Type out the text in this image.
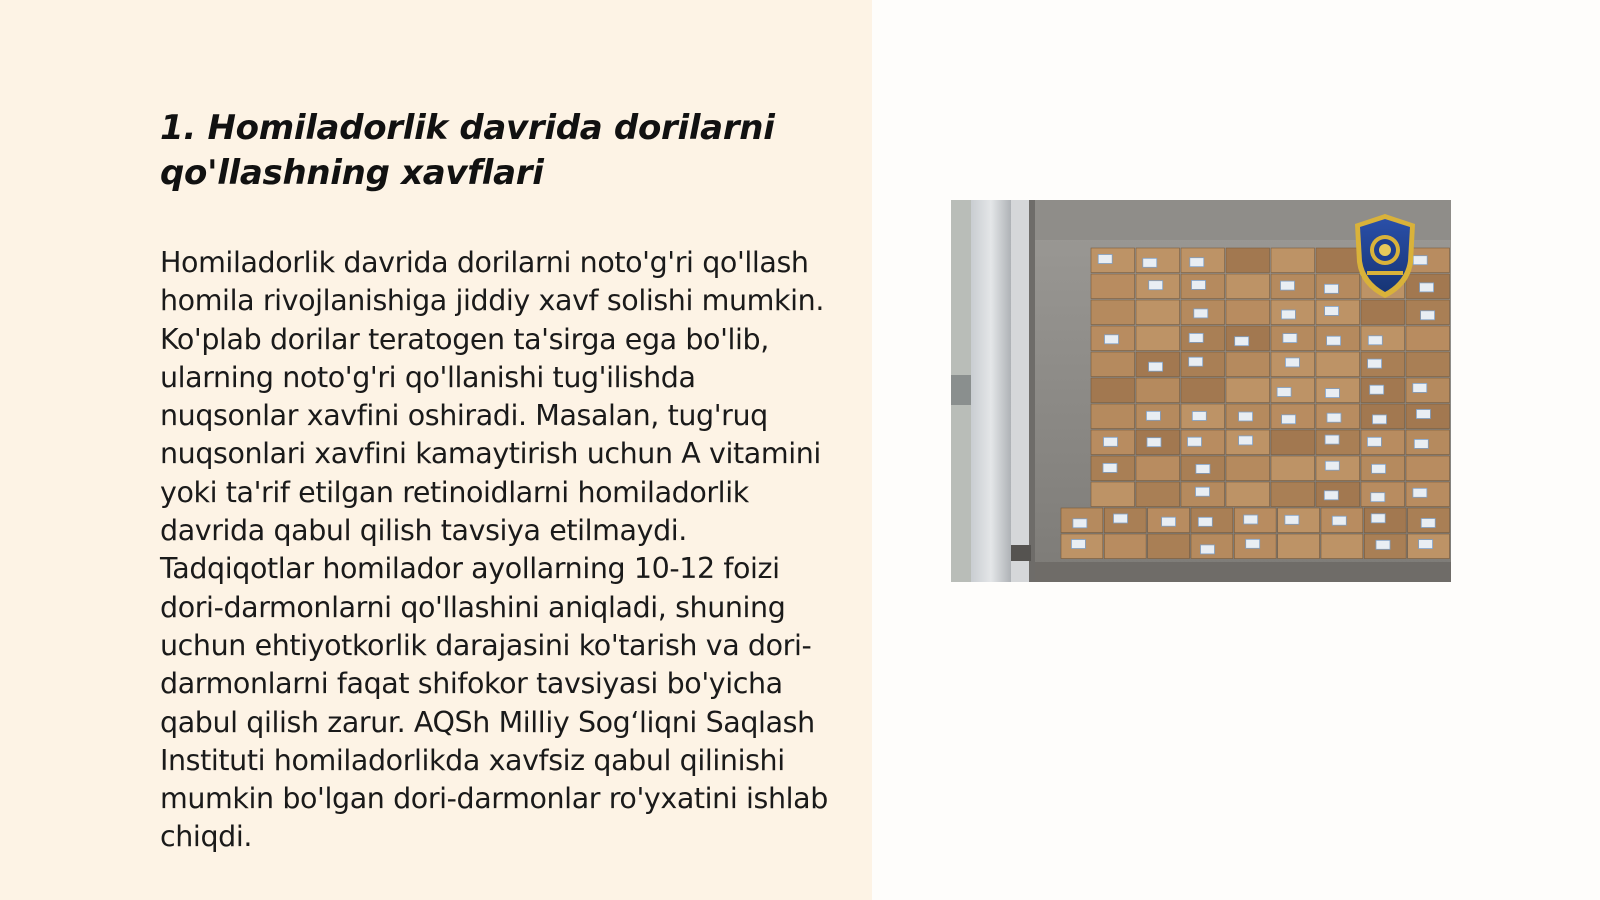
1. Homiladorlik davrida dorilarni qo'llashning xavflari

Homiladorlik davrida dorilarni noto'g'ri qo'llash homila rivojlanishiga jiddiy xavf solishi mumkin. Ko'plab dorilar teratogen ta'sirga ega bo'lib, ularning noto'g'ri qo'llanishi tug'ilishda nuqsonlar xavfini oshiradi. Masalan, tug'ruq nuqsonlari xavfini kamaytirish uchun A vitamini yoki ta'rif etilgan retinoidlarni homiladorlik davrida qabul qilish tavsiya etilmaydi. Tadqiqotlar homilador ayollarning 10-12 foizi dori-darmonlarni qo'llashini aniqladi, shuning uchun ehtiyotkorlik darajasini ko'tarish va dori-darmonlarni faqat shifokor tavsiyasi bo'yicha qabul qilish zarur. AQSh Milliy Sog‘liqni Saqlash Instituti homiladorlikda xavfsiz qabul qilinishi mumkin bo'lgan dori-darmonlar ro'yxatini ishlab chiqdi.
